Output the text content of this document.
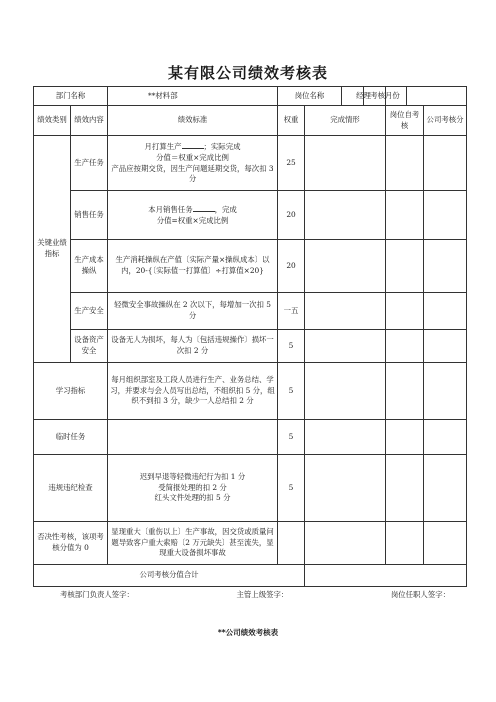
某有限公司绩效考核表
部门名称		**材料部	岗位名称 经理		考核月份	

绩效类别	绩效内容	绩效标准	权重	完成情形	岗位自考核	公司考核分
关键业绩指标	生产任务	月打算生产 ；实际完成
分值＝权重×完成比例
产品应按期交货，因生产问题延期交货，每次扣 3 分	25			
	销售任务	本月销售任务 ，完成
分值=权重×完成比例	20			
	生产成本操纵	生产消耗操纵在产值〔实际产量×操纵成本〕以内，20-{〔实际值一打算值〕÷打算值×20}	20			
	生产安全	轻微安全事故操纵在 2 次以下，每增加一次扣 5 分	一五			
	设备资产安全	设备无人为损坏，每人为〔包括违规操作〕损坏一次扣 2 分	5			
学习指标		每月组织部室及工段人员进行生产、业务总结、学习，并要求与会人员写出总结，不组织扣 5 分，组织不到扣 3 分，缺少一人总结扣 2 分	5			
临时任务			5			
违规违纪检查		迟到早退等轻微违纪行为扣 1 分
受简报处理的扣 2 分
红头文件处理的扣 5 分	5			
否决性考核，该项考核分值为 0		显现重大〔重伤以上〕生产事故，因交货或质量问题导致客户重大索赔〔2 万元缺失〕甚至流失，显现重大设备损坏事故				
公司考核分值合计						
考核部门负责人签字：	主管上级签字：	岗位任职人签字：
**公司绩效考核表
